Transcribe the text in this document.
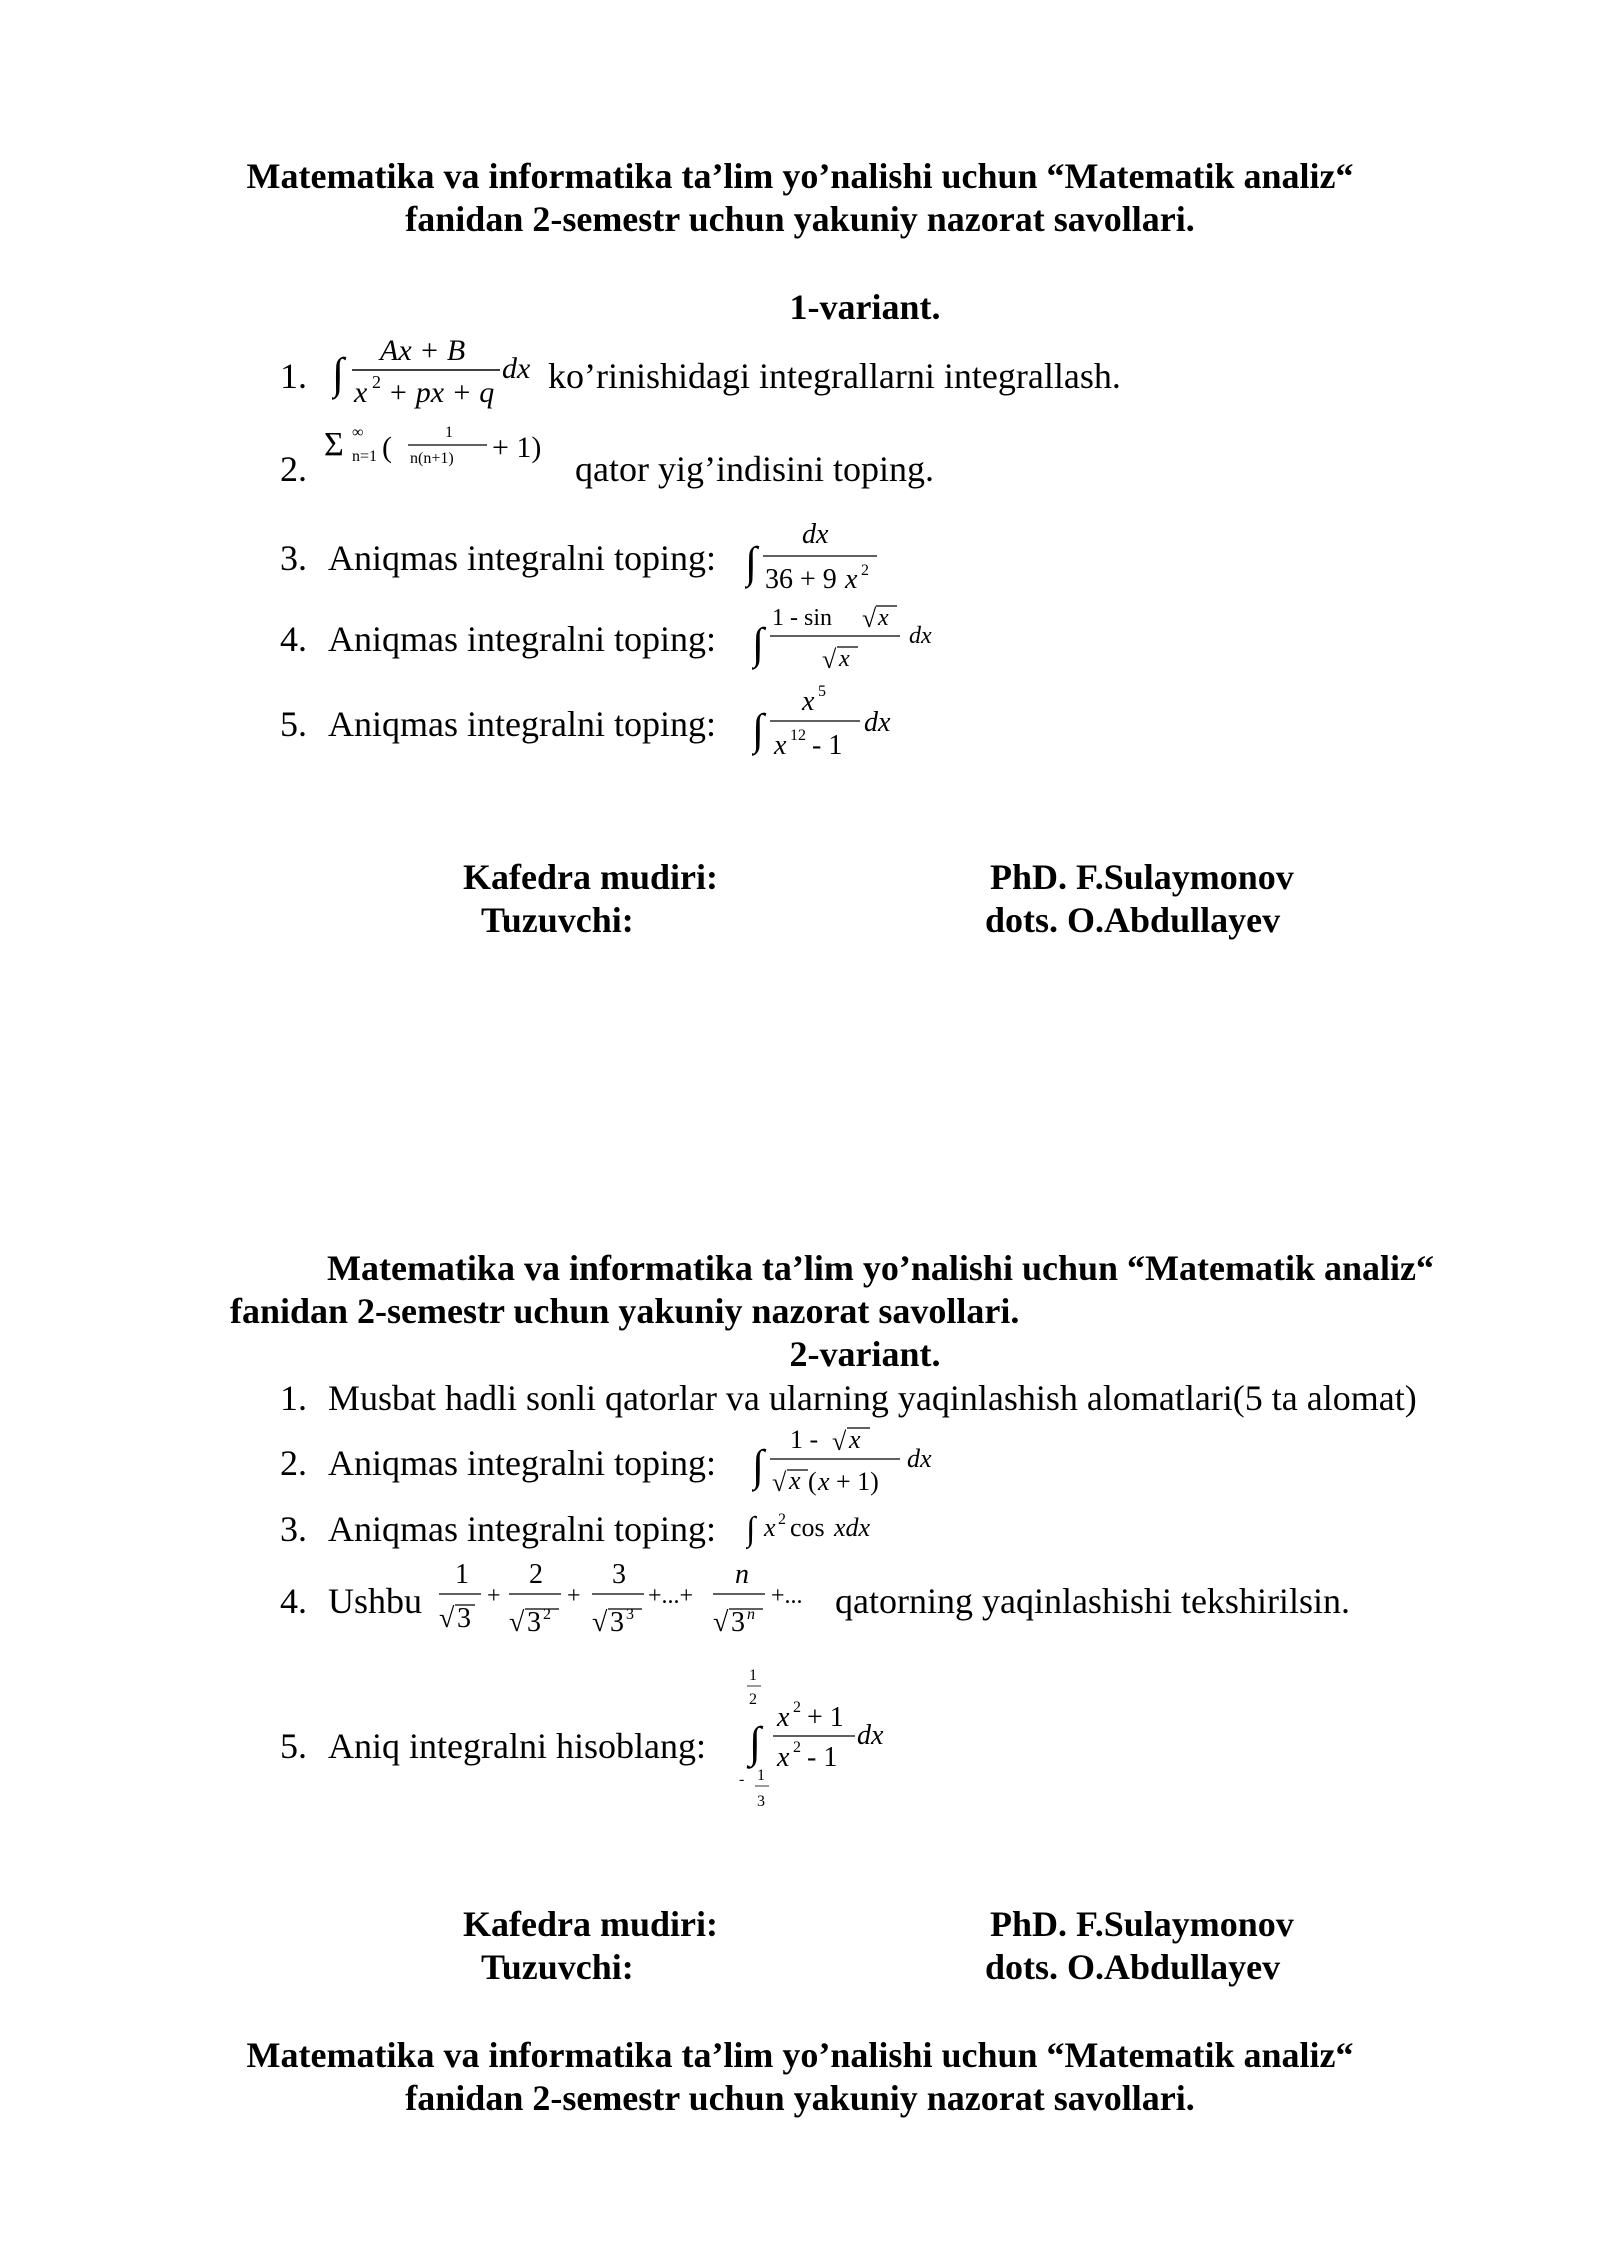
Matematika va informatika ta’lim yo’nalishi uchun “Matematik analiz“
fanidan 2-semestr uchun yakuniy nazorat savollari.
1-variant.
1. ∫ Ax + B
x 2 + px + q
dx ko’rinishidagi integrallarni integrallash.
2.
Σ ∞
n=1 (	1
n(n+1) + 1)
qator yig’indisini toping.
3. Aniqmas integralni toping: ∫
dx
36 + 9 x 2
4. Aniqmas integralni toping: ∫
1 - sin √ x
√ x
dx
5. Aniqmas integralni toping: ∫
x 5
x 12 - 1
dx
Kafedra mudiri:	PhD. F.Sulaymonov
Tuzuvchi:	dots. O.Abdullayev
Matematika va informatika ta’lim yo’nalishi uchun “Matematik analiz“
fanidan 2-semestr uchun yakuniy nazorat savollari.
2-variant.
1. Musbat hadli sonli qatorlar va ularning yaqinlashish alomatlari(5 ta alomat)
2. Aniqmas integralni toping: ∫
1 - √ x
√ x ( x + 1)
dx
3. Aniqmas integralni toping: ∫ x 2 cos xdx
4. Ushbu
1
√ 3
+
2
√ 3 2
+
3
√ 3 3
+...+
n
√ 3 n
+... qatorning yaqinlashishi tekshirilsin.
5. Aniq integralni hisoblang:
1
2
∫
- 1
3
x 2 + 1
x 2 - 1
dx
Kafedra mudiri:	PhD. F.Sulaymonov
Tuzuvchi:	dots. O.Abdullayev
Matematika va informatika ta’lim yo’nalishi uchun “Matematik analiz“
fanidan 2-semestr uchun yakuniy nazorat savollari.
